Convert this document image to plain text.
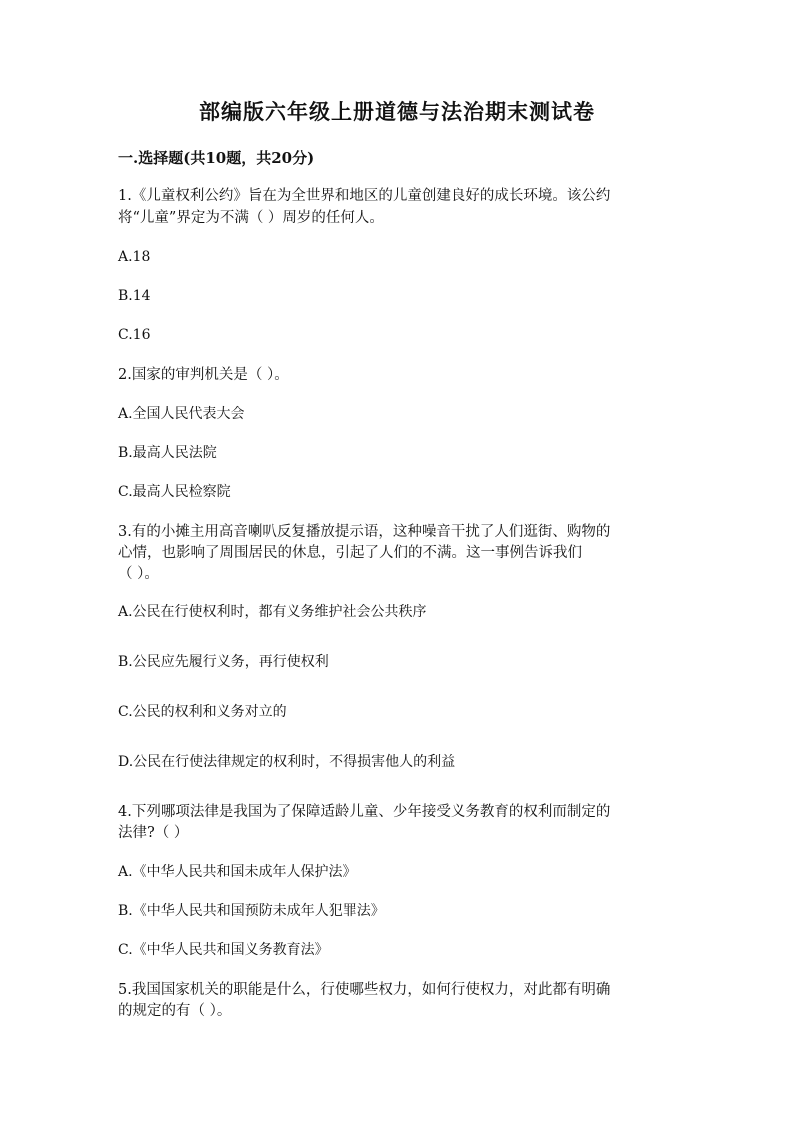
部编版六年级上册道德与法治期末测试卷
一.选择题(共10题，共20分)
1.《儿童权利公约》旨在为全世界和地区的儿童创建良好的成长环境。该公约
将“儿童”界定为不满（ ）周岁的任何人。
A.18
B.14
C.16
2.国家的审判机关是（ ）。
A.全国人民代表大会
B.最高人民法院
C.最高人民检察院
3.有的小摊主用高音喇叭反复播放提示语，这种噪音干扰了人们逛街、购物的
心情，也影响了周围居民的休息，引起了人们的不满。这一事例告诉我们
（ ）。
A.公民在行使权利时，都有义务维护社会公共秩序
B.公民应先履行义务，再行使权利
C.公民的权利和义务对立的
D.公民在行使法律规定的权利时，不得损害他人的利益
4.下列哪项法律是我国为了保障适龄儿童、少年接受义务教育的权利而制定的
法律?（ ）
A.《中华人民共和国未成年人保护法》
B.《中华人民共和国预防未成年人犯罪法》
C.《中华人民共和国义务教育法》
5.我国国家机关的职能是什么，行使哪些权力，如何行使权力，对此都有明确
的规定的有（ ）。
